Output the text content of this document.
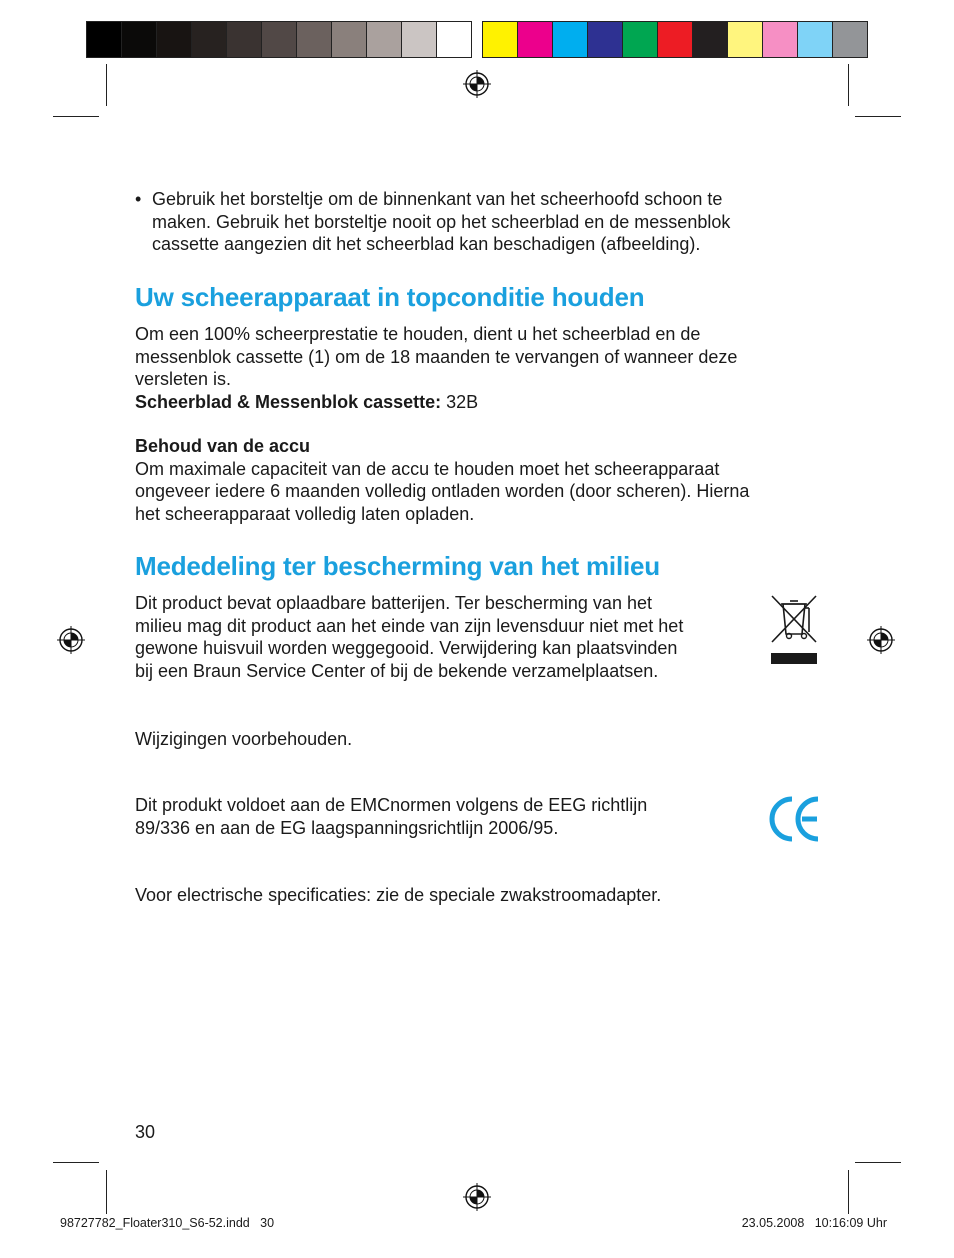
• Gebruik het borsteltje om de binnenkant van het scheerhoofd schoon te
maken. Gebruik het borsteltje nooit op het scheerblad en de messenblok
cassette aangezien dit het scheerblad kan beschadigen (afbeelding).
Uw scheerapparaat in topconditie houden
Om een 100% scheerprestatie te houden, dient u het scheerblad en de
messenblok cassette (1) om de 18 maanden te vervangen of wanneer deze
versleten is.
Scheerblad & Messenblok cassette: 32B
Behoud van de accu
Om maximale capaciteit van de accu te houden moet het scheerapparaat
ongeveer iedere 6 maanden volledig ontladen worden (door scheren). Hierna
het scheerapparaat volledig laten opladen.
Mededeling ter bescherming van het milieu
Dit product bevat oplaadbare batterijen. Ter bescherming van het
milieu mag dit product aan het einde van zijn levensduur niet met het
gewone huisvuil worden weggegooid. Verwijdering kan plaatsvinden
bij een Braun Service Center of bij de bekende verzamelplaatsen.
Wijzigingen voorbehouden.
Dit produkt voldoet aan de EMCnormen volgens de EEG richtlijn
89/336 en aan de EG laagspanningsrichtlijn 2006/95.
Voor electrische specificaties: zie de speciale zwakstroomadapter.
30
98727782_Floater310_S6-52.indd   30	23.05.2008   10:16:09 Uhr
